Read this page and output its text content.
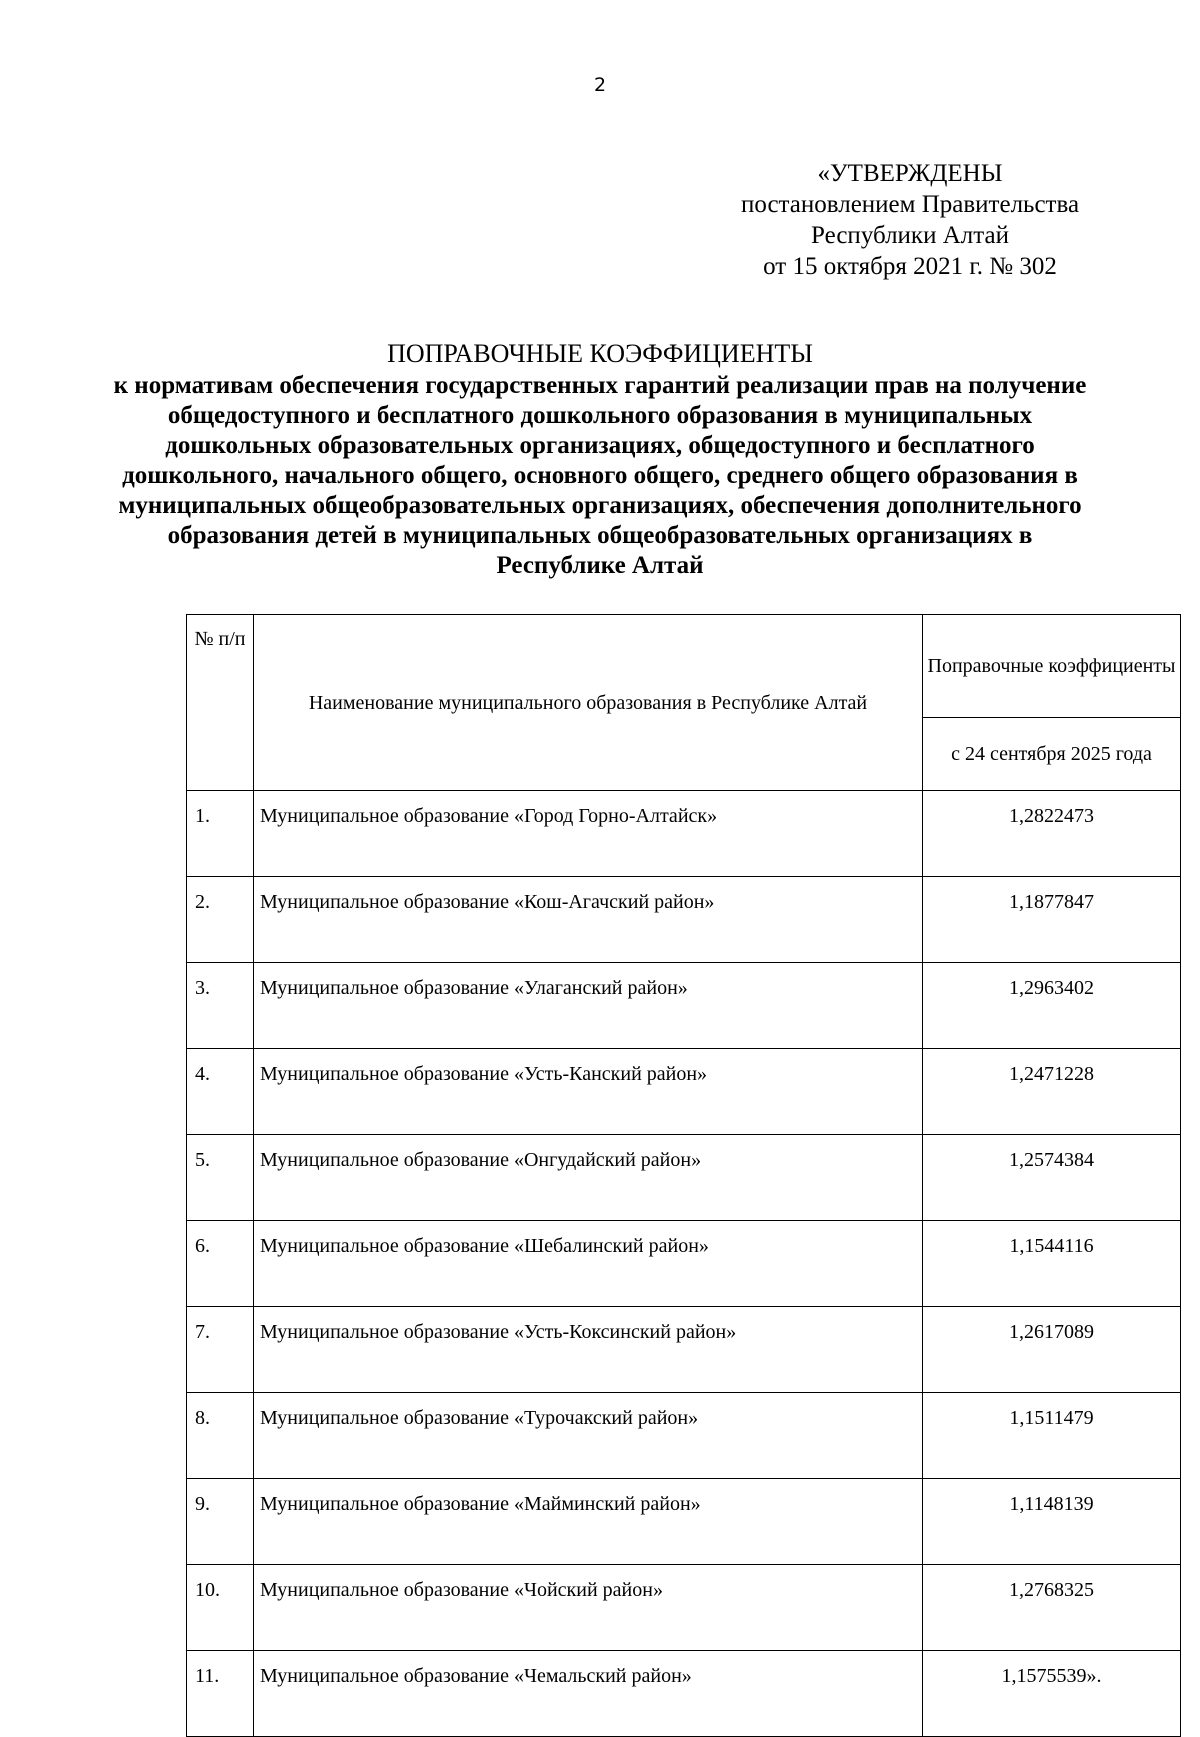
2
«УТВЕРЖДЕНЫ
постановлением Правительства
Республики Алтай
от 15 октября 2021 г. № 302
ПОПРАВОЧНЫЕ КОЭФФИЦИЕНТЫ
к нормативам обеспечения государственных гарантий реализации прав на получение
общедоступного и бесплатного дошкольного образования в муниципальных
дошкольных образовательных организациях, общедоступного и бесплатного
дошкольного, начального общего, основного общего, среднего общего образования в
муниципальных общеобразовательных организациях, обеспечения дополнительного
образования детей в муниципальных общеобразовательных организациях в
Республике Алтай
№ п/п	Наименование муниципального образования в Республике Алтай	Поправочные коэффициенты
		с 24 сентября 2025 года
1.	Муниципальное образование «Город Горно-Алтайск»	1,2822473
2.	Муниципальное образование «Кош-Агачский район»	1,1877847
3.	Муниципальное образование «Улаганский район»	1,2963402
4.	Муниципальное образование «Усть-Канский район»	1,2471228
5.	Муниципальное образование «Онгудайский район»	1,2574384
6.	Муниципальное образование «Шебалинский район»	1,1544116
7.	Муниципальное образование «Усть-Коксинский район»	1,2617089
8.	Муниципальное образование «Турочакский район»	1,1511479
9.	Муниципальное образование «Майминский район»	1,1148139
10.	Муниципальное образование «Чойский район»	1,2768325
11.	Муниципальное образование «Чемальский район»	1,1575539».
